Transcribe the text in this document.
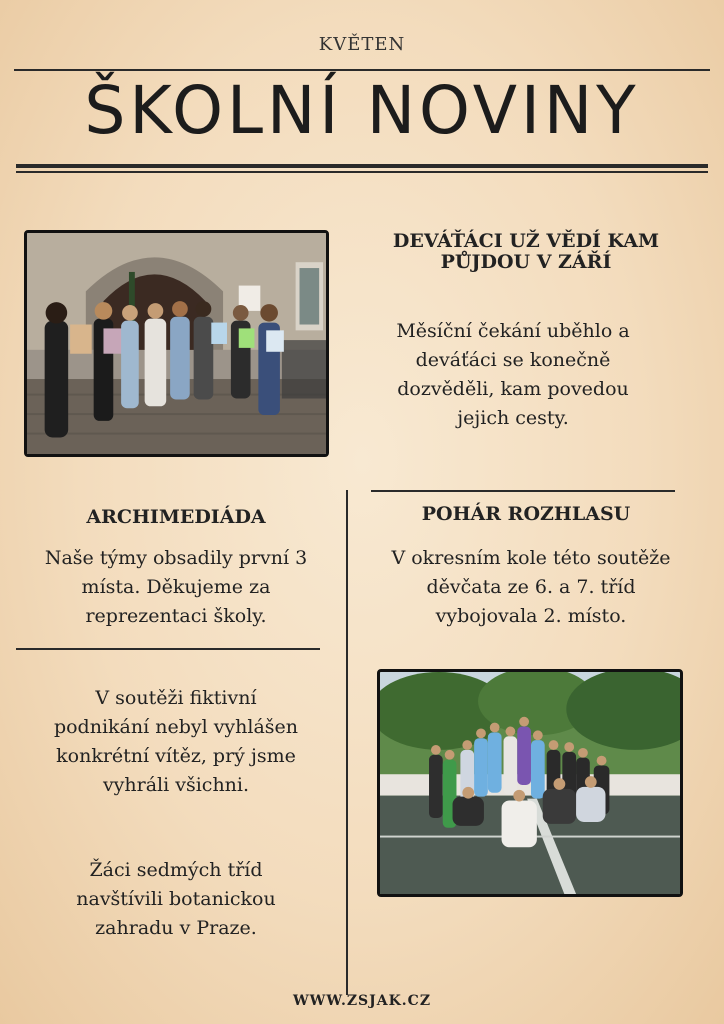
KVĚTEN
ŠKOLNÍ NOVINY
DEVÁŤÁCI UŽ VĚDÍ KAM
PŮJDOU V ZÁŘÍ
Měsíční čekání uběhlo a deváťáci se konečně dozvěděli, kam povedou jejich cesty.
ARCHIMEDIÁDA
Naše týmy obsadily první 3 místa. Děkujeme za reprezentaci školy.
V soutěži fiktivní podnikání nebyl vyhlášen konkrétní vítěz, prý jsme vyhráli všichni.
Žáci sedmých tříd navštívili botanickou zahradu v Praze.
POHÁR ROZHLASU
V okresním kole této soutěže děvčata ze 6. a 7. tříd vybojovala 2. místo.
WWW.ZSJAK.CZ
